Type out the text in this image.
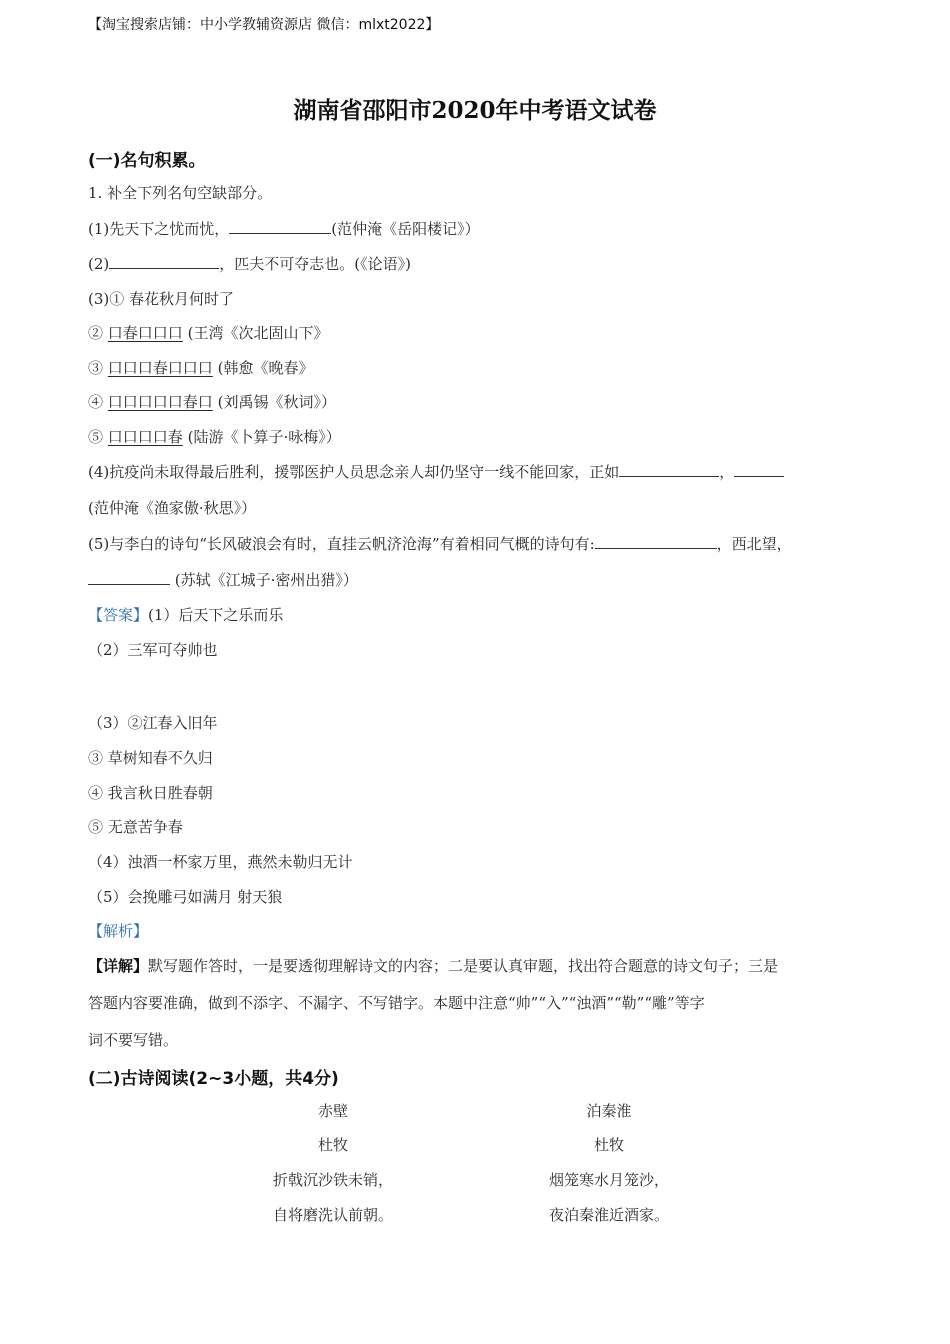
【淘宝搜索店铺：中小学教辅资源店 微信：mlxt2022】
湖南省邵阳市2020年中考语文试卷
(一)名句积累。
1. 补全下列名句空缺部分。
(1)先天下之忧而忧，	(范仲淹《岳阳楼记》）
(2)	，匹夫不可夺志也。(《论语》)
(3)① 春花秋月何时了
② 口春口口口 (王湾《次北固山下》
③ 口口口春口口口 (韩愈《晚春》
④ 口口口口口春口 (刘禹锡《秋词》）
⑤ 口口口口春 (陆游《卜算子·咏梅》）
(4)抗疫尚未取得最后胜利，援鄂医护人员思念亲人却仍坚守一线不能回家，正如	，
(范仲淹《渔家傲·秋思》）
(5)与李白的诗句“长风破浪会有时，直挂云帆济沧海”有着相同气概的诗句有:	，西北望，
(苏轼《江城子·密州出猎》）
【答案】(1）后天下之乐而乐
（2）三军可夺帅也
（3）②江春入旧年
③ 草树知春不久归
④ 我言秋日胜春朝
⑤ 无意苦争春
（4）浊酒一杯家万里，燕然未勒归无计
（5）会挽雕弓如满月 射天狼
【解析】
【详解】默写题作答时，一是要透彻理解诗文的内容；二是要认真审题，找出符合题意的诗文句子；三是
答题内容要准确，做到不添字、不漏字、不写错字。本题中注意“帅”“入”“浊酒”“勒”“雕”等字
词不要写错。
(二)古诗阅读(2~3小题，共4分)
赤壁
杜牧
折戟沉沙铁未销，
自将磨洗认前朝。
泊秦淮
杜牧
烟笼寒水月笼沙，
夜泊秦淮近酒家。
